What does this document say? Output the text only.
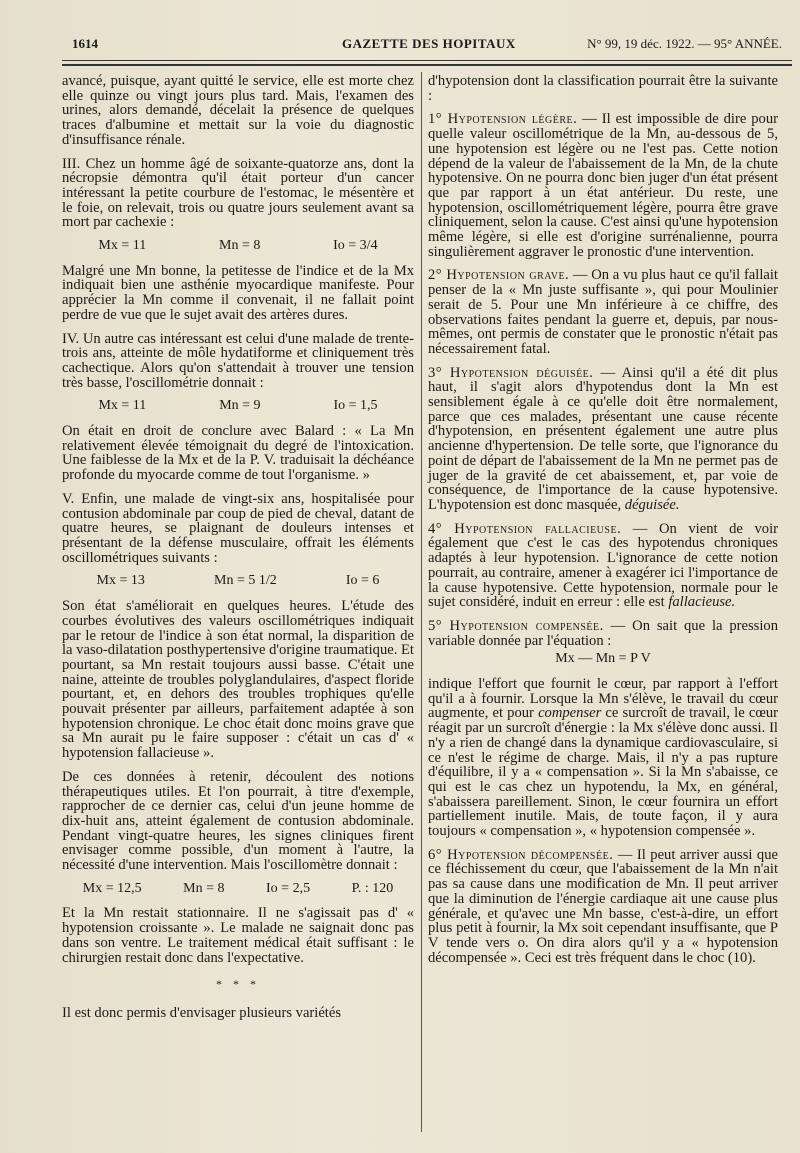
1614	GAZETTE DES HOPITAUX	N° 99, 19 déc. 1922. — 95° ANNÉE.

avancé, puisque, ayant quitté le service, elle est morte chez elle quinze ou vingt jours plus tard. Mais, l'examen des urines, alors demandé, décelait la présence de quelques traces d'albumine et mettait sur la voie du diagnostic d'insuffisance rénale.

III. Chez un homme âgé de soixante-quatorze ans, dont la nécropsie démontra qu'il était porteur d'un cancer intéressant la petite courbure de l'estomac, le mésentère et le foie, on relevait, trois ou quatre jours seulement avant sa mort par cachexie :

Mx = 11	Mn = 8	Io = 3/4

Malgré une Mn bonne, la petitesse de l'indice et de la Mx indiquait bien une asthénie myocardique manifeste. Pour apprécier la Mn comme il convenait, il ne fallait point perdre de vue que le sujet avait des artères dures.

IV. Un autre cas intéressant est celui d'une malade de trente-trois ans, atteinte de môle hydatiforme et cliniquement très cachectique. Alors qu'on s'attendait à trouver une tension très basse, l'oscillométrie donnait :

Mx = 11	Mn = 9	Io = 1,5

On était en droit de conclure avec Balard : « La Mn relativement élevée témoignait du degré de l'intoxication. Une faiblesse de la Mx et de la P. V. traduisait la déchéance profonde du myocarde comme de tout l'organisme. »

V. Enfin, une malade de vingt-six ans, hospitalisée pour contusion abdominale par coup de pied de cheval, datant de quatre heures, se plaignant de douleurs intenses et présentant de la défense musculaire, offrait les éléments oscillométriques suivants :

Mx = 13	Mn = 5 1/2	Io = 6

Son état s'améliorait en quelques heures. L'étude des courbes évolutives des valeurs oscillométriques indiquait par le retour de l'indice à son état normal, la disparition de la vaso-dilatation posthypertensive d'origine traumatique. Et pourtant, sa Mn restait toujours aussi basse. C'était une naine, atteinte de troubles polyglandulaires, d'aspect floride pourtant, et, en dehors des troubles trophiques qu'elle pouvait présenter par ailleurs, parfaitement adaptée à son hypotension chronique. Le choc était donc moins grave que sa Mn aurait pu le faire supposer : c'était un cas d' « hypotension fallacieuse ».

De ces données à retenir, découlent des notions thérapeutiques utiles. Et l'on pourrait, à titre d'exemple, rapprocher de ce dernier cas, celui d'un jeune homme de dix-huit ans, atteint également de contusion abdominale. Pendant vingt-quatre heures, les signes cliniques firent envisager comme possible, d'un moment à l'autre, la nécessité d'une intervention. Mais l'oscillomètre donnait :

Mx = 12,5	Mn = 8	Io = 2,5	P. : 120

Et la Mn restait stationnaire. Il ne s'agissait pas d' « hypotension croissante ». Le malade ne saignait donc pas dans son ventre. Le traitement médical était suffisant : le chirurgien restait donc dans l'expectative.

* * *

Il est donc permis d'envisager plusieurs variétés

d'hypotension dont la classification pourrait être la suivante :

1° Hypotension légère. — Il est impossible de dire pour quelle valeur oscillométrique de la Mn, au-dessous de 5, une hypotension est légère ou ne l'est pas. Cette notion dépend de la valeur de l'abaissement de la Mn, de la chute hypotensive. On ne pourra donc bien juger d'un état présent que par rapport à un état antérieur. Du reste, une hypotension, oscillométriquement légère, pourra être grave cliniquement, selon la cause. C'est ainsi qu'une hypotension même légère, si elle est d'origine surrénalienne, pourra singulièrement aggraver le pronostic d'une intervention.

2° Hypotension grave. — On a vu plus haut ce qu'il fallait penser de la « Mn juste suffisante », qui pour Moulinier serait de 5. Pour une Mn inférieure à ce chiffre, des observations faites pendant la guerre et, depuis, par nous-mêmes, ont permis de constater que le pronostic n'était pas nécessairement fatal.

3° Hypotension déguisée. — Ainsi qu'il a été dit plus haut, il s'agit alors d'hypotendus dont la Mn est sensiblement égale à ce qu'elle doit être normalement, parce que ces malades, présentant une cause récente d'hypotension, en présentent également une autre plus ancienne d'hypertension. De telle sorte, que l'ignorance du point de départ de l'abaissement de la Mn ne permet pas de juger de la gravité de cet abaissement, et, par voie de conséquence, de l'importance de la cause hypotensive. L'hypotension est donc masquée, déguisée.

4° Hypotension fallacieuse. — On vient de voir également que c'est le cas des hypotendus chroniques adaptés à leur hypotension. L'ignorance de cette notion pourrait, au contraire, amener à exagérer ici l'importance de la cause hypotensive. Cette hypotension, normale pour le sujet considéré, induit en erreur : elle est fallacieuse.

5° Hypotension compensée. — On sait que la pression variable donnée par l'équation :

Mx — Mn = P V

indique l'effort que fournit le cœur, par rapport à l'effort qu'il a à fournir. Lorsque la Mn s'élève, le travail du cœur augmente, et pour compenser ce surcroît de travail, le cœur réagit par un surcroît d'énergie : la Mx s'élève donc aussi. Il n'y a rien de changé dans la dynamique cardiovasculaire, si ce n'est le régime de charge. Mais, il n'y a pas rupture d'équilibre, il y a « compensation ». Si la Mn s'abaisse, ce qui est le cas chez un hypotendu, la Mx, en général, s'abaissera pareillement. Sinon, le cœur fournira un effort partiellement inutile. Mais, de toute façon, il y aura toujours « compensation », « hypotension compensée ».

6° Hypotension décompensée. — Il peut arriver aussi que ce fléchissement du cœur, que l'abaissement de la Mn n'ait pas sa cause dans une modification de Mn. Il peut arriver que la diminution de l'énergie cardiaque ait une cause plus générale, et qu'avec une Mn basse, c'est-à-dire, un effort plus petit à fournir, la Mx soit cependant insuffisante, que P V tende vers o. On dira alors qu'il y a « hypotension décompensée ». Ceci est très fréquent dans le choc (10).
